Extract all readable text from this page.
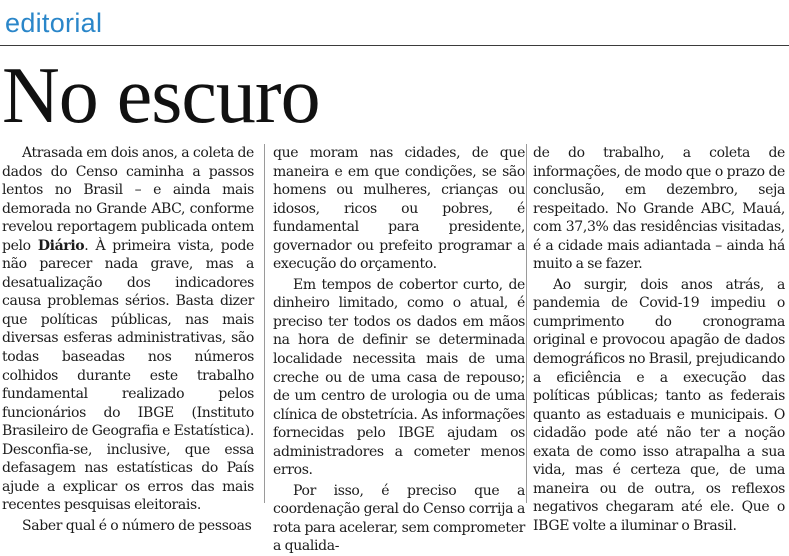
editorial
No escuro

Atrasada em dois anos, a coleta de dados do Censo caminha a passos lentos no Brasil – e ainda mais demorada no Grande ABC, conforme revelou reportagem publicada ontem pelo Diário. À primeira vista, pode não parecer nada grave, mas a desatualização dos indicadores causa problemas sérios. Basta dizer que políticas públicas, nas mais diversas esferas administrativas, são todas baseadas nos números colhidos durante este trabalho fundamental realizado pelos funcionários do IBGE (Instituto Brasileiro de Geografia e Estatística). Desconfia-se, inclusive, que essa defasagem nas estatísticas do País ajude a explicar os erros das mais recentes pesquisas eleitorais.

Saber qual é o número de pessoas

que moram nas cidades, de que maneira e em que condições, se são homens ou mulheres, crianças ou idosos, ricos ou pobres, é fundamental para presidente, governador ou prefeito programar a execução do orçamento.

Em tempos de cobertor curto, de dinheiro limitado, como o atual, é preciso ter todos os dados em mãos na hora de definir se determinada localidade necessita mais de uma creche ou de uma casa de repouso; de um centro de urologia ou de uma clínica de obstetrícia. As informações fornecidas pelo IBGE ajudam os administradores a cometer menos erros.

Por isso, é preciso que a coordenação geral do Censo corrija a rota para acelerar, sem comprometer a qualida-

de do trabalho, a coleta de informações, de modo que o prazo de conclusão, em dezembro, seja respeitado. No Grande ABC, Mauá, com 37,3% das residências visitadas, é a cidade mais adiantada – ainda há muito a se fazer.

Ao surgir, dois anos atrás, a pandemia de Covid-19 impediu o cumprimento do cronograma original e provocou apagão de dados demográficos no Brasil, prejudicando a eficiência e a execução das políticas públicas; tanto as federais quanto as estaduais e municipais. O cidadão pode até não ter a noção exata de como isso atrapalha a sua vida, mas é certeza que, de uma maneira ou de outra, os reflexos negativos chegaram até ele. Que o IBGE volte a iluminar o Brasil.
